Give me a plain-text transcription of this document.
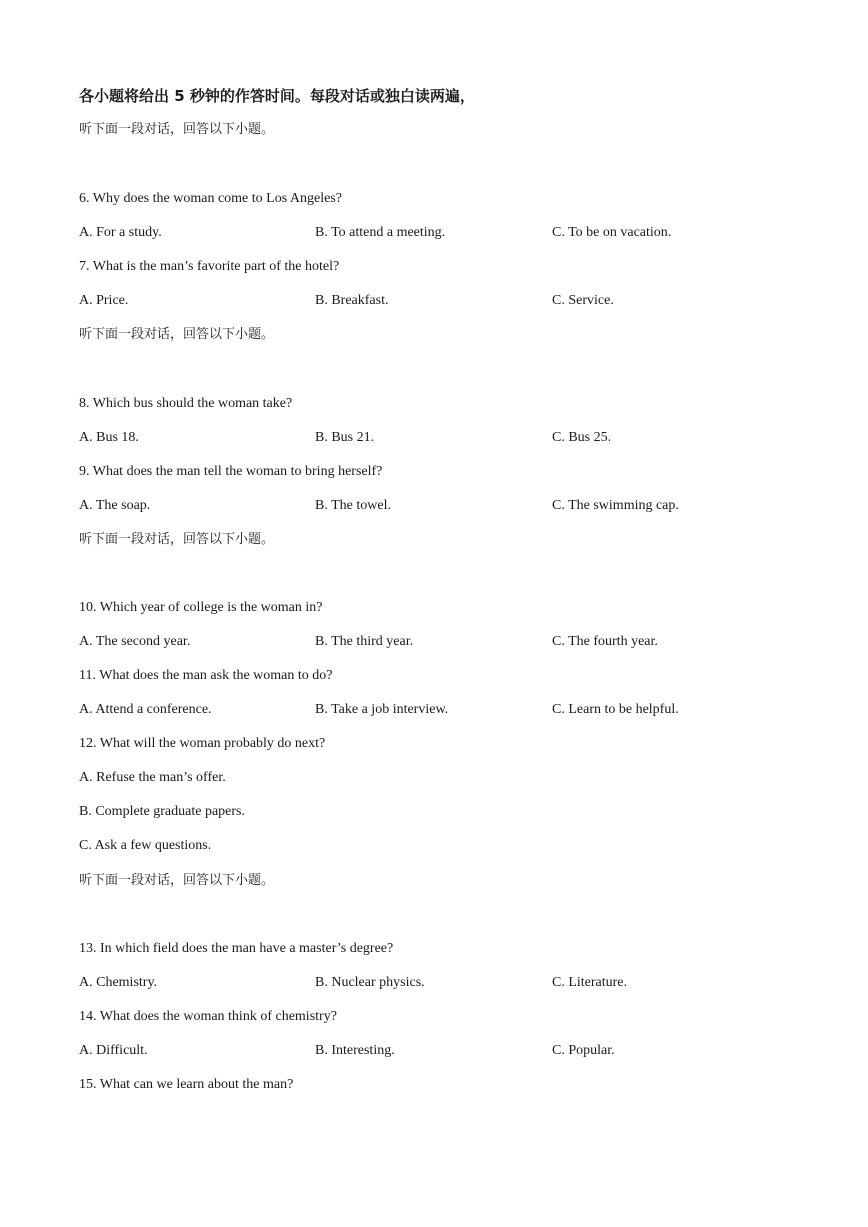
各小题将给出 5 秒钟的作答时间。每段对话或独白读两遍，
听下面一段对话，回答以下小题。
6. Why does the woman come to Los Angeles?
A. For a study.	B. To attend a meeting.	C. To be on vacation.
7. What is the man’s favorite part of the hotel?
A. Price.	B. Breakfast.	C. Service.
听下面一段对话，回答以下小题。
8. Which bus should the woman take?
A. Bus 18.	B. Bus 21.	C. Bus 25.
9. What does the man tell the woman to bring herself?
A. The soap.	B. The towel.	C. The swimming cap.
听下面一段对话，回答以下小题。
10. Which year of college is the woman in?
A. The second year.	B. The third year.	C. The fourth year.
11. What does the man ask the woman to do?
A. Attend a conference.	B. Take a job interview.	C. Learn to be helpful.
12. What will the woman probably do next?
A. Refuse the man’s offer.
B. Complete graduate papers.
C. Ask a few questions.
听下面一段对话，回答以下小题。
13. In which field does the man have a master’s degree?
A. Chemistry.	B. Nuclear physics.	C. Literature.
14. What does the woman think of chemistry?
A. Difficult.	B. Interesting.	C. Popular.
15. What can we learn about the man?
